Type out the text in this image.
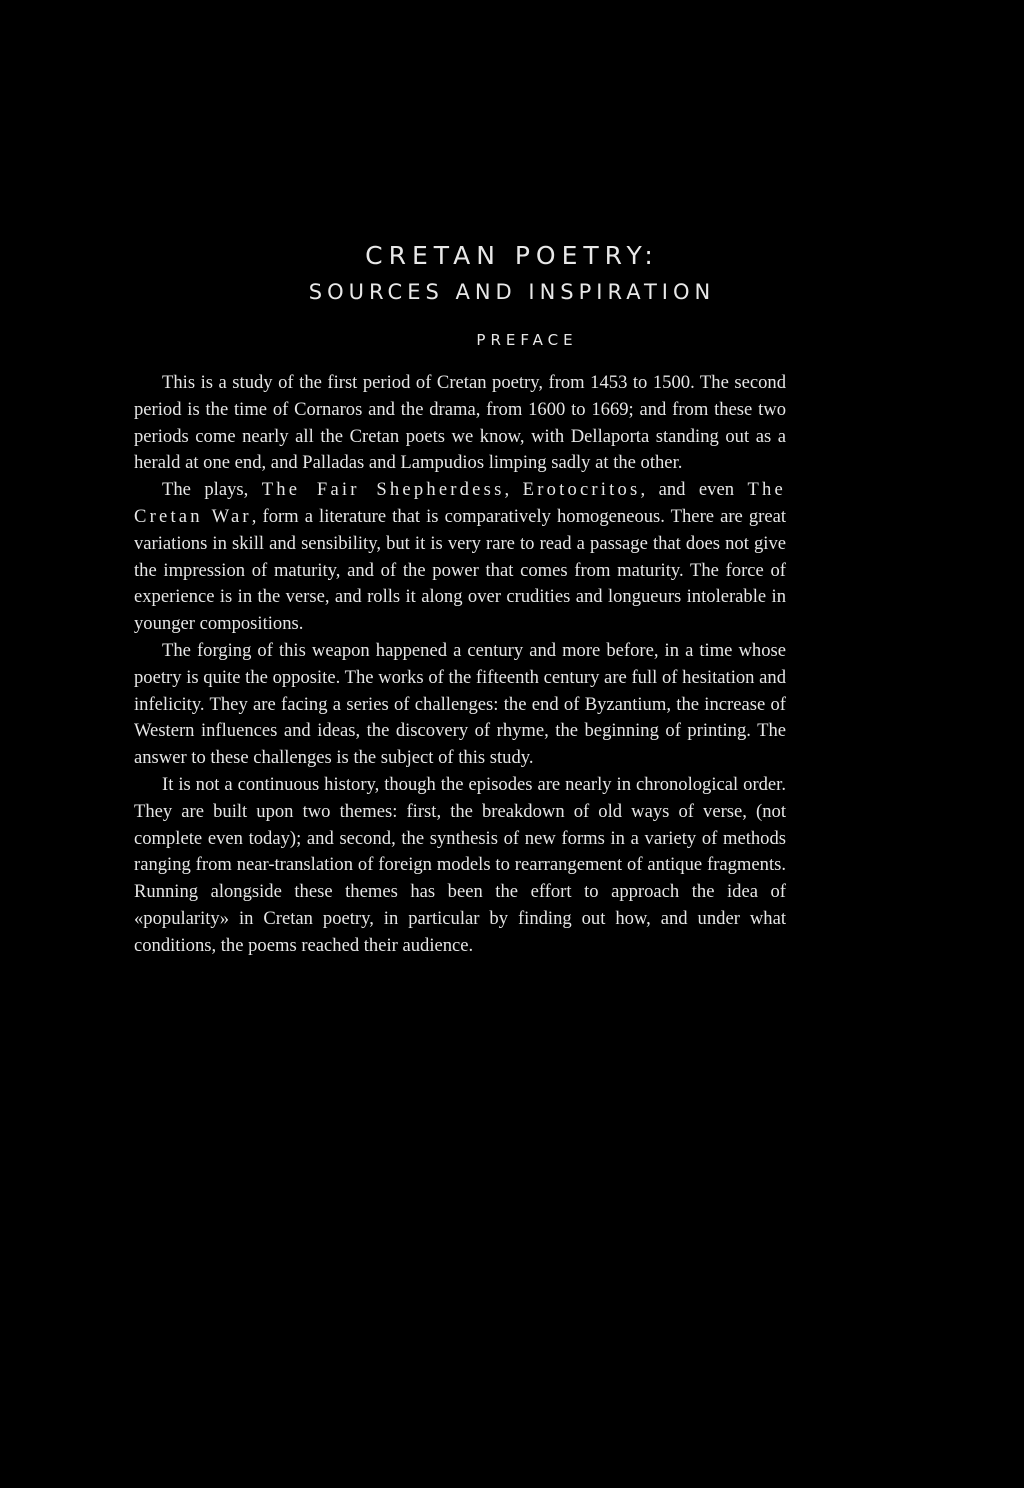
CRETAN POETRY:
SOURCES AND INSPIRATION
PREFACE

This is a study of the first period of Cretan poetry, from 1453 to 1500. The second period is the time of Cornaros and the drama, from 1600 to 1669; and from these two periods come nearly all the Cretan poets we know, with Dellaporta standing out as a herald at one end, and Palladas and Lampudios limping sadly at the other.

The plays, The Fair Shepherdess, Erotocritos, and even The Cretan War, form a literature that is comparatively homogeneous. There are great variations in skill and sensibility, but it is very rare to read a passage that does not give the impression of maturity, and of the power that comes from maturity. The force of experience is in the verse, and rolls it along over crudities and longueurs intolerable in younger compositions.

The forging of this weapon happened a century and more before, in a time whose poetry is quite the opposite. The works of the fifteenth century are full of hesitation and infelicity. They are facing a series of challenges: the end of Byzantium, the increase of Western influences and ideas, the discovery of rhyme, the beginning of printing. The answer to these challenges is the subject of this study.

It is not a continuous history, though the episodes are nearly in chronological order. They are built upon two themes: first, the breakdown of old ways of verse, (not complete even today); and second, the synthesis of new forms in a variety of methods ranging from near-translation of foreign models to rearrangement of antique fragments. Running alongside these themes has been the effort to approach the idea of «popularity» in Cretan poetry, in particular by finding out how, and under what conditions, the poems reached their audience.
